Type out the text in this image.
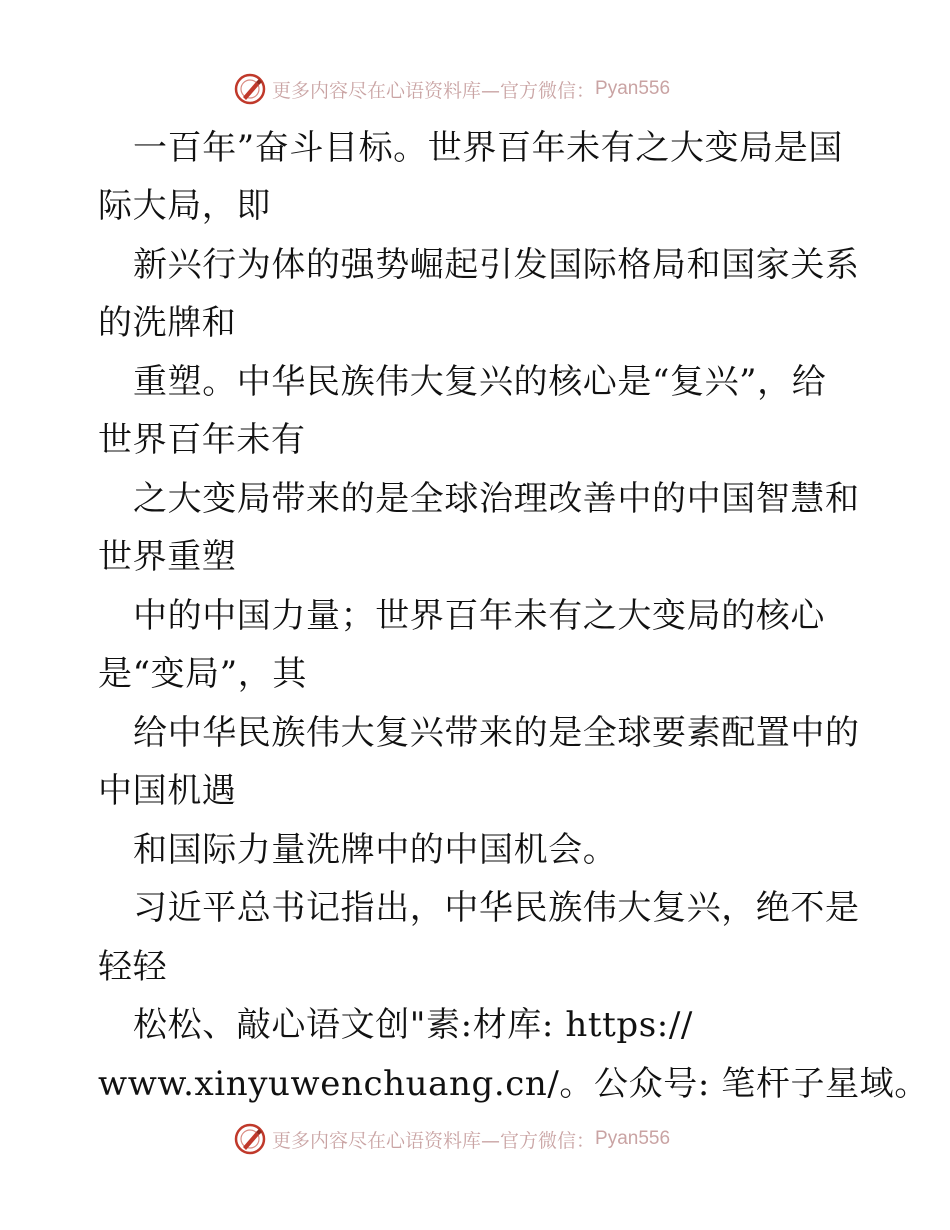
更多内容尽在心语资料库—官方微信： Pyan556
一百年”奋斗目标。世界百年未有之大变局是国
际大局，即
新兴行为体的强势崛起引发国际格局和国家关系
的洗牌和
重塑。中华民族伟大复兴的核心是“复兴”，给
世界百年未有
之大变局带来的是全球治理改善中的中国智慧和
世界重塑
中的中国力量；世界百年未有之大变局的核心
是“变局”，其
给中华民族伟大复兴带来的是全球要素配置中的
中国机遇
和国际力量洗牌中的中国机会。
习近平总书记指出，中华民族伟大复兴，绝不是
轻轻
松松、敲心语文创"素:材库: https://
www.xinyuwenchuang.cn/。公众号: 笔杆子星域。
更多内容尽在心语资料库—官方微信： Pyan556
